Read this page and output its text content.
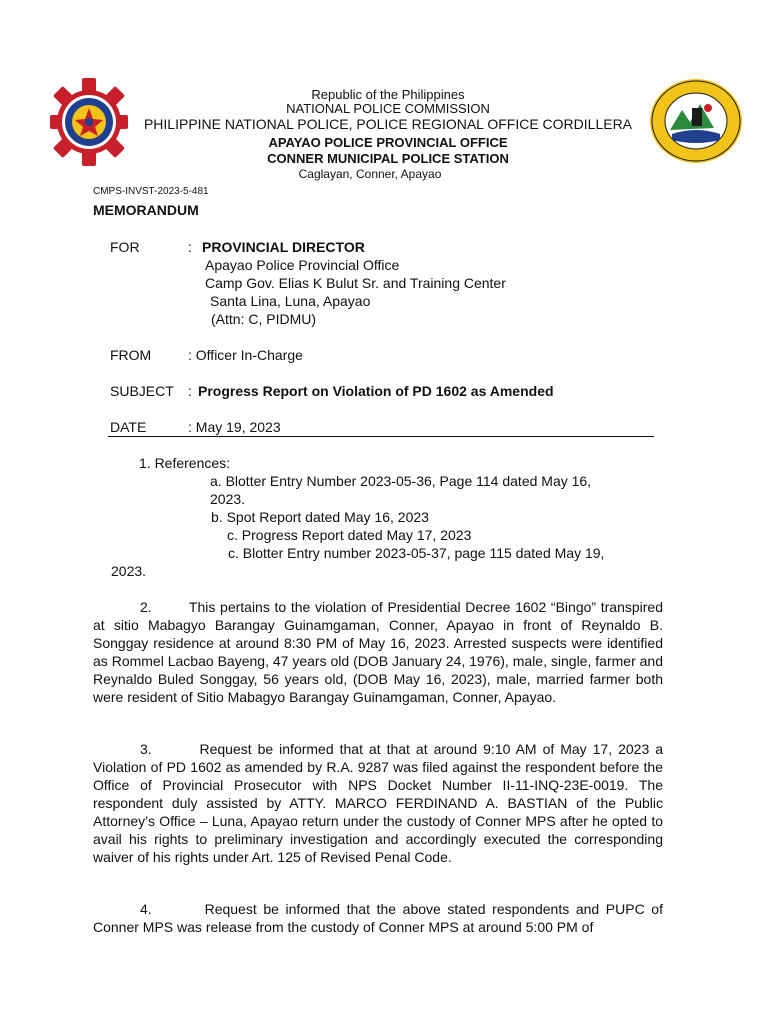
Republic of the Philippines
NATIONAL POLICE COMMISSION
PHILIPPINE NATIONAL POLICE, POLICE REGIONAL OFFICE CORDILLERA
APAYAO POLICE PROVINCIAL OFFICE
CONNER MUNICIPAL POLICE STATION
Caglayan, Conner, Apayao
CMPS-INVST-2023-5-481
MEMORANDUM
FOR	: PROVINCIAL DIRECTOR
Apayao Police Provincial Office
Camp Gov. Elias K Bulut Sr. and Training Center
Santa Lina, Luna, Apayao
(Attn: C, PIDMU)
FROM	: Officer In-Charge
SUBJECT : Progress Report on Violation of PD 1602 as Amended
DATE	: May 19, 2023
1. References:
a. Blotter Entry Number 2023-05-36, Page 114 dated May 16,
2023.
b. Spot Report dated May 16, 2023
c. Progress Report dated May 17, 2023
c. Blotter Entry number 2023-05-37, page 115 dated May 19,
2023.
2.        This pertains to the violation of Presidential Decree 1602 “Bingo” transpired at sitio Mabagyo Barangay Guinamgaman, Conner, Apayao in front of Reynaldo B. Songgay residence at around 8:30 PM of May 16, 2023. Arrested suspects were identified as Rommel Lacbao Bayeng, 47 years old (DOB January 24, 1976), male, single, farmer and Reynaldo Buled Songgay, 56 years old, (DOB May 16, 2023), male, married farmer both were resident of Sitio Mabagyo Barangay Guinamgaman, Conner, Apayao.
3.        Request be informed that at that at around 9:10 AM of May 17, 2023 a Violation of PD 1602 as amended by R.A. 9287 was filed against the respondent before the Office of Provincial Prosecutor with NPS Docket Number II-11-INQ-23E-0019. The respondent duly assisted by ATTY. MARCO FERDINAND A. BASTIAN of the Public Attorney’s Office – Luna, Apayao return under the custody of Conner MPS after he opted to avail his rights to preliminary investigation and accordingly executed the corresponding waiver of his rights under Art. 125 of Revised Penal Code.
4.        Request be informed that the above stated respondents and PUPC of Conner MPS was release from the custody of Conner MPS at around 5:00 PM of
